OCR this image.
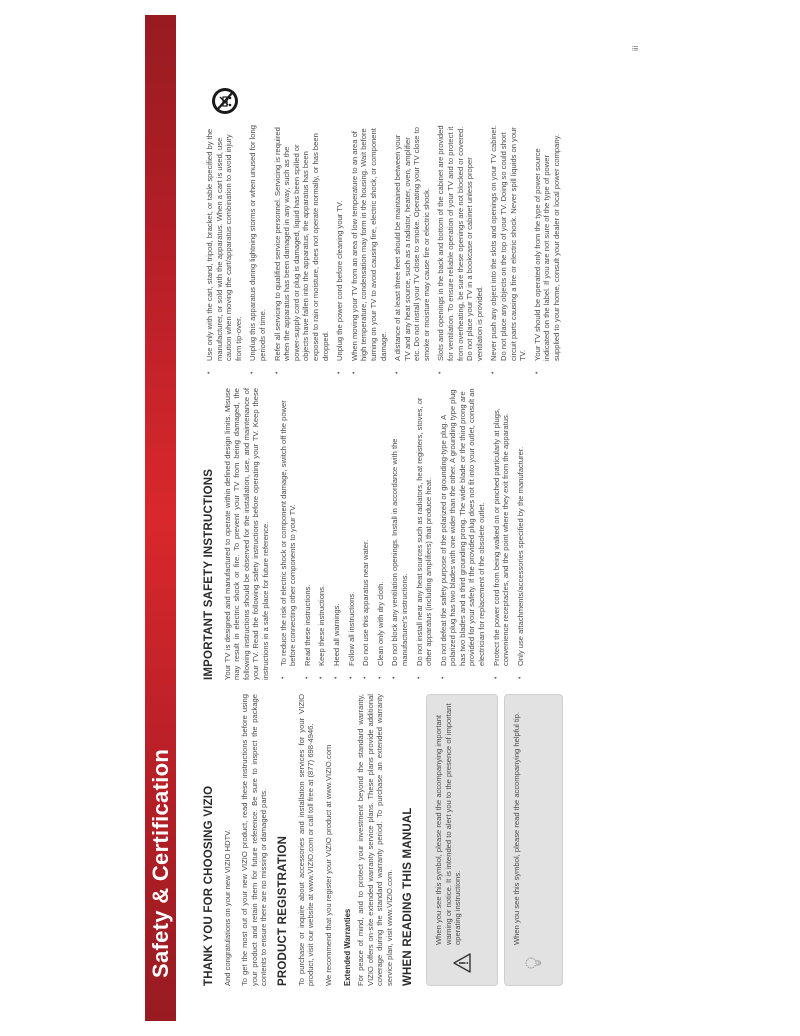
Safety & Certification	THANK YOU FOR CHOOSING VIZIO And congratulations on your new VIZIO HDTV. To get the most out of your new VIZIO product, read these instructions before using your product and retain them for future reference. Be sure to inspect the package contents to ensure there are no missing or damaged parts. PRODUCT REGISTRATION To purchase or inquire about accessories and installation services for your VIZIO product, visit our website at www.VIZIO.com or call toll free at (877) 698-4946. We recommend that you register your VIZIO product at www.VIZIO.com Extended Warranties For peace of mind, and to protect your investment beyond the standard warranty, VIZIO offers on-site extended warranty service plans. These plans provide additional coverage during the standard warranty period. To purchase an extended warranty service plan, visit www.VIZIO.com. WHEN READING THIS MANUAL	When you see this symbol, please read the accompanying important warning or notice. It is intended to alert you to the presence of important operating instructions.	When you see this symbol, please read the accompanying helpful tip.
IMPORTANT SAFETY INSTRUCTIONS Your TV is designed and manufactured to operate within defined design limits. Misuse may result in electric shock or fire. To prevent your TV from being damaged, the following instructions should be observed for the installation, use, and maintenance of your TV. Read the following safety instructions before operating your TV. Keep these instructions in a safe place for future reference. • To reduce the risk of electric shock or component damage, switch off the power before connecting other components to your TV. • Read these instructions. • Keep these instructions. • Heed all warnings. • Follow all instructions. • Do not use this apparatus near water. • Clean only with dry cloth. • Do not block any ventilation openings. Install in accordance with the manufacturer's instructions. • Do not install near any heat sources such as radiators, heat registers, stoves, or other apparatus (including amplifiers) that produce heat. • Do not defeat the safety purpose of the polarized or grounding-type plug. A polarized plug has two blades with one wider than the other. A grounding type plug has two blades and a third grounding prong. The wide blade or the third prong are provided for your safety. If the provided plug does not fit into your outlet, consult an electrician for replacement of the obsolete outlet. • Protect the power cord from being walked on or pinched particularly at plugs, convenience receptacles, and the point where they exit from the apparatus. • Only use attachments/accessories specified by the manufacturer.
• Use only with the cart, stand, tripod, bracket, or table specified by the manufacturer, or sold with the apparatus. When a cart is used, use caution when moving the cart/apparatus combination to avoid injury from tip-over. • Unplug this apparatus during lightning storms or when unused for long periods of time. • Refer all servicing to qualified service personnel. Servicing is required when the apparatus has been damaged in any way, such as the power-supply cord or plug is damaged, liquid has been spilled or objects have fallen into the apparatus, the apparatus has been exposed to rain or moisture, does not operate normally, or has been dropped. • Unplug the power cord before cleaning your TV. • When moving your TV from an area of low temperature to an area of high temperature, condensation may form in the housing. Wait before turning on your TV to avoid causing fire, electric shock, or component damage. • A distance of at least three feet should be maintained between your TV and any heat source, such as a radiator, heater, oven, amplifier etc. Do not install your TV close to smoke. Operating your TV close to smoke or moisture may cause fire or electric shock. • Slots and openings in the back and bottom of the cabinet are provided for ventilation. To ensure reliable operation of your TV and to protect it from overheating, be sure these openings are not blocked or covered. Do not place your TV in a bookcase or cabinet unless proper ventilation is provided. • Never push any object into the slots and openings on your TV cabinet. Do not place any objects on the top of your TV. Doing so could short circuit parts causing a fire or electric shock. Never spill liquids on your TV. • Your TV should be operated only from the type of power source indicated on the label. If you are not sure of the type of power supplied to your home, consult your dealer or local power company.
iii
